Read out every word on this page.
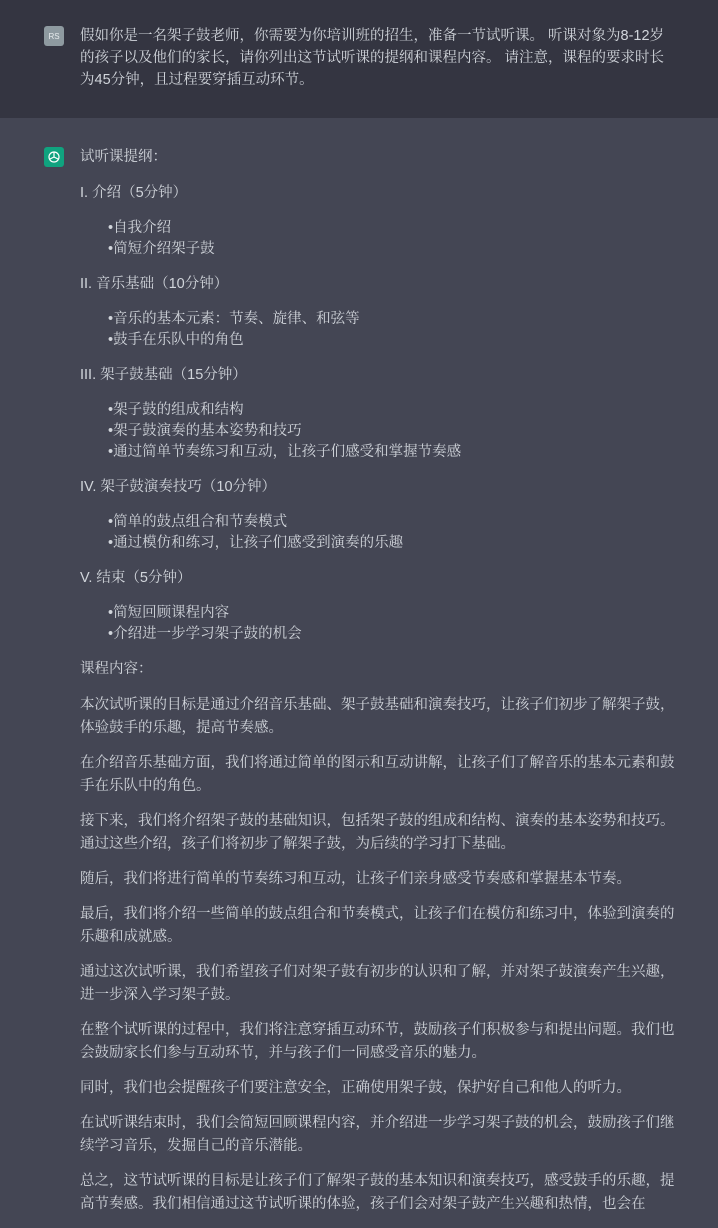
RS 假如你是一名架子鼓老师，你需要为你培训班的招生，准备一节试听课。 听课对象为8-12岁的孩子以及他们的家长，请你列出这节试听课的提纲和课程内容。 请注意，课程的要求时长为45分钟，且过程要穿插互动环节。

试听课提纲：

I. 介绍（5分钟）
•自我介绍
•简短介绍架子鼓
II. 音乐基础（10分钟）
•音乐的基本元素：节奏、旋律、和弦等
•鼓手在乐队中的角色
III. 架子鼓基础（15分钟）
•架子鼓的组成和结构
•架子鼓演奏的基本姿势和技巧
•通过简单节奏练习和互动，让孩子们感受和掌握节奏感
IV. 架子鼓演奏技巧（10分钟）
•简单的鼓点组合和节奏模式
•通过模仿和练习，让孩子们感受到演奏的乐趣
V. 结束（5分钟）
•简短回顾课程内容
•介绍进一步学习架子鼓的机会

课程内容：

本次试听课的目标是通过介绍音乐基础、架子鼓基础和演奏技巧，让孩子们初步了解架子鼓，体验鼓手的乐趣，提高节奏感。

在介绍音乐基础方面，我们将通过简单的图示和互动讲解，让孩子们了解音乐的基本元素和鼓手在乐队中的角色。

接下来，我们将介绍架子鼓的基础知识，包括架子鼓的组成和结构、演奏的基本姿势和技巧。通过这些介绍，孩子们将初步了解架子鼓，为后续的学习打下基础。

随后，我们将进行简单的节奏练习和互动，让孩子们亲身感受节奏感和掌握基本节奏。

最后，我们将介绍一些简单的鼓点组合和节奏模式，让孩子们在模仿和练习中，体验到演奏的乐趣和成就感。

通过这次试听课，我们希望孩子们对架子鼓有初步的认识和了解，并对架子鼓演奏产生兴趣，进一步深入学习架子鼓。

在整个试听课的过程中，我们将注意穿插互动环节，鼓励孩子们积极参与和提出问题。我们也会鼓励家长们参与互动环节，并与孩子们一同感受音乐的魅力。

同时，我们也会提醒孩子们要注意安全，正确使用架子鼓，保护好自己和他人的听力。

在试听课结束时，我们会简短回顾课程内容，并介绍进一步学习架子鼓的机会，鼓励孩子们继续学习音乐，发掘自己的音乐潜能。

总之，这节试听课的目标是让孩子们了解架子鼓的基本知识和演奏技巧，感受鼓手的乐趣，提高节奏感。我们相信通过这节试听课的体验，孩子们会对架子鼓产生兴趣和热情，也会在
